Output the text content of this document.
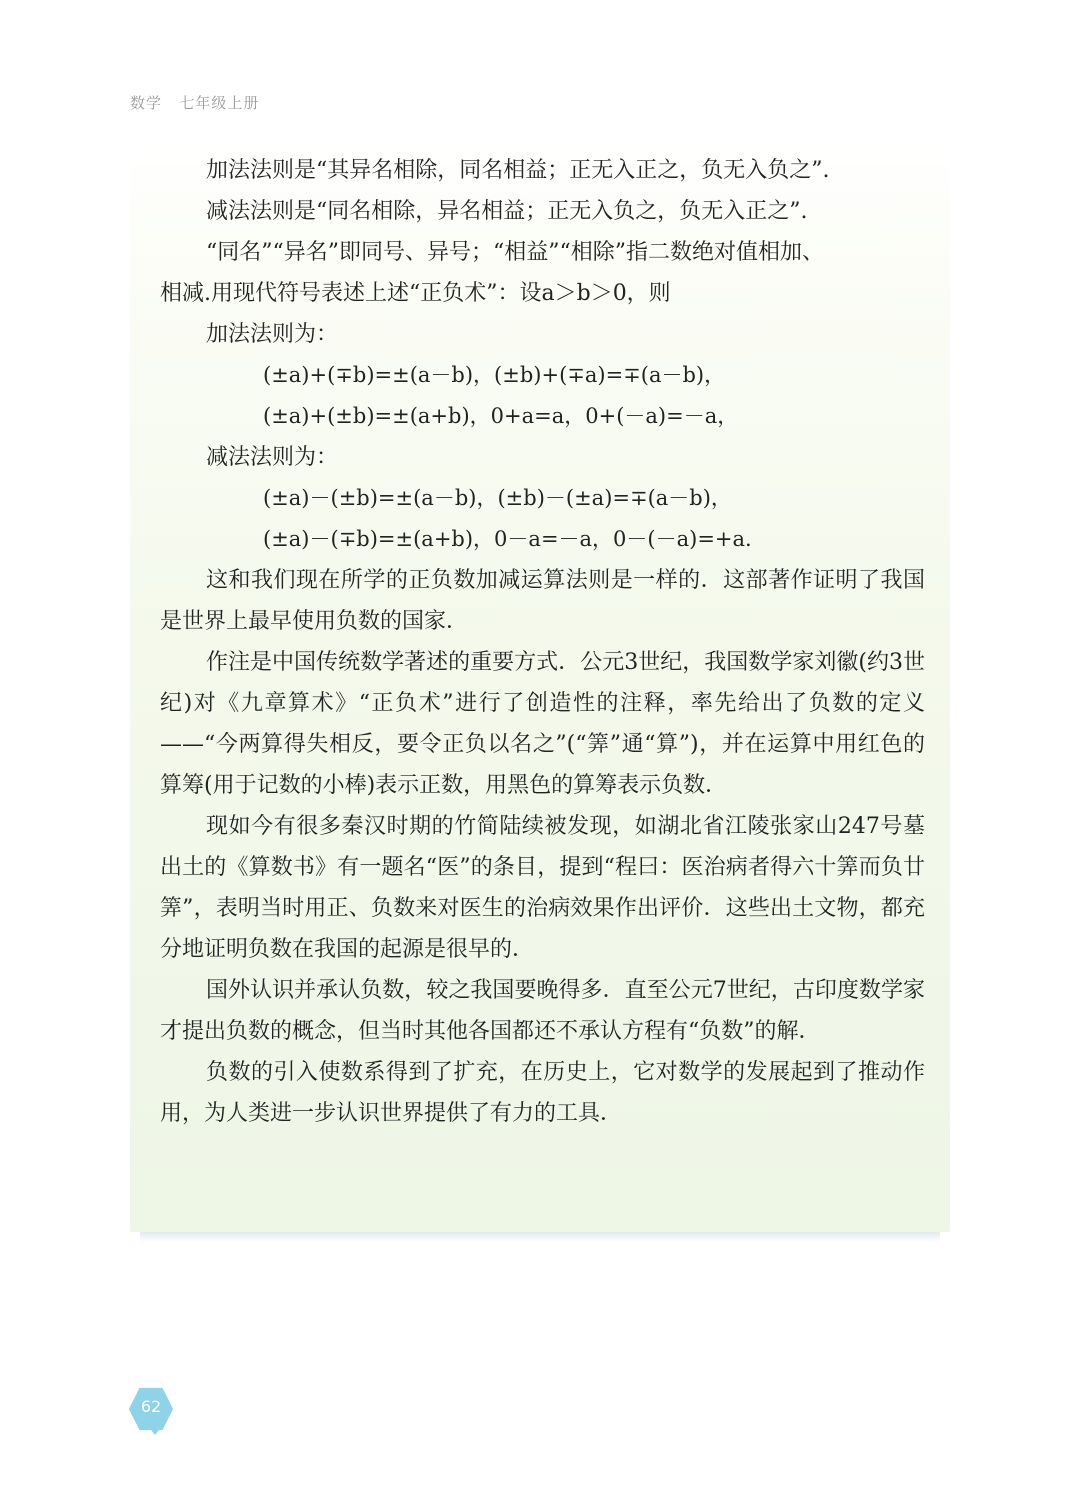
数学 七年级上册

加法法则是“其异名相除，同名相益；正无入正之，负无入负之”.

减法法则是“同名相除，异名相益；正无入负之，负无入正之”.

“同名”“异名”即同号、异号；“相益”“相除”指二数绝对值相加、

相减.用现代符号表述上述“正负术”：设a＞b＞0，则

加法法则为：

(±a)+(∓b)=±(a－b)，(±b)+(∓a)=∓(a－b)，

(±a)+(±b)=±(a+b)，0+a=a，0+(－a)=－a，

减法法则为：

(±a)－(±b)=±(a－b)，(±b)－(±a)=∓(a－b)，

(±a)－(∓b)=±(a+b)，0－a=－a，0－(－a)=+a.

这和我们现在所学的正负数加减运算法则是一样的．这部著作证明了我国是世界上最早使用负数的国家．

作注是中国传统数学著述的重要方式．公元3世纪，我国数学家刘徽(约3世纪)对《九章算术》“正负术”进行了创造性的注释，率先给出了负数的定义——“今两算得失相反，要令正负以名之”(“筭”通“算”)，并在运算中用红色的算筹(用于记数的小棒)表示正数，用黑色的算筹表示负数．

现如今有很多秦汉时期的竹简陆续被发现，如湖北省江陵张家山247号墓出土的《算数书》有一题名“医”的条目，提到“程曰：医治病者得六十筭而负廿筭”，表明当时用正、负数来对医生的治病效果作出评价．这些出土文物，都充分地证明负数在我国的起源是很早的．

国外认识并承认负数，较之我国要晚得多．直至公元7世纪，古印度数学家才提出负数的概念，但当时其他各国都还不承认方程有“负数”的解．

负数的引入使数系得到了扩充，在历史上，它对数学的发展起到了推动作用，为人类进一步认识世界提供了有力的工具．

62
